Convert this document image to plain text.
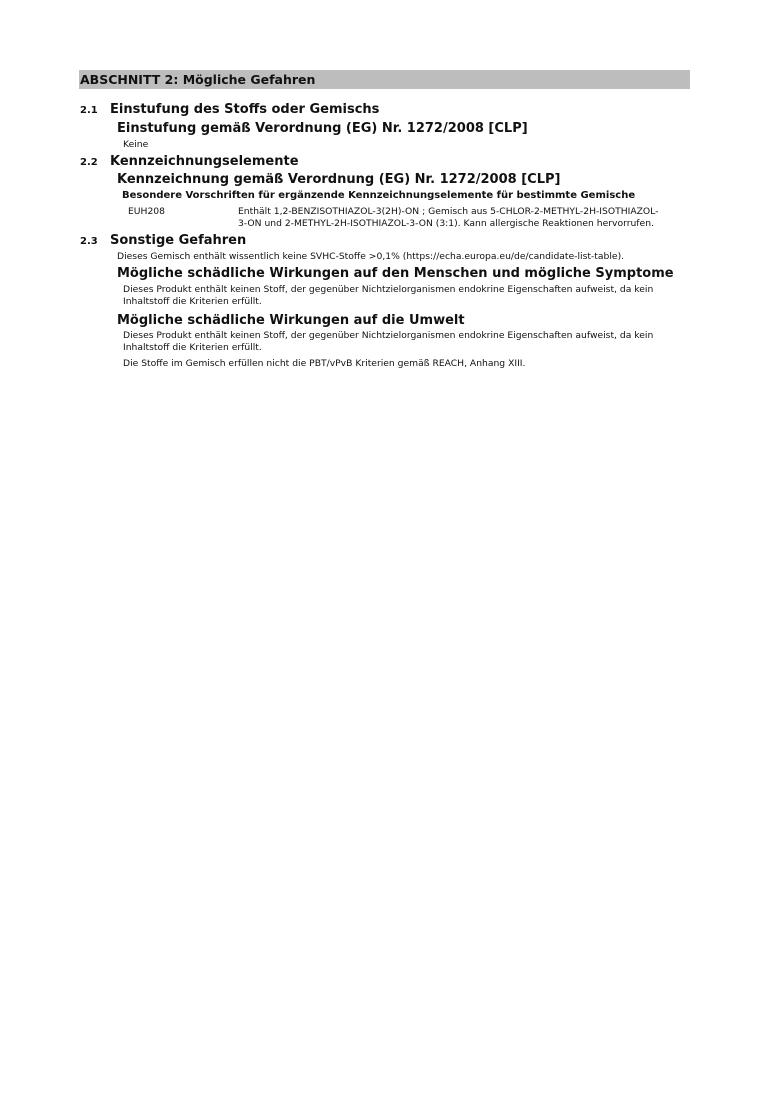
ABSCHNITT 2: Mögliche Gefahren
2.1 Einstufung des Stoffs oder Gemischs
Einstufung gemäß Verordnung (EG) Nr. 1272/2008 [CLP]
Keine
2.2 Kennzeichnungselemente
Kennzeichnung gemäß Verordnung (EG) Nr. 1272/2008 [CLP]
Besondere Vorschriften für ergänzende Kennzeichnungselemente für bestimmte Gemische
EUH208	Enthält 1,2-BENZISOTHIAZOL-3(2H)-ON ; Gemisch aus 5-CHLOR-2-METHYL-2H-ISOTHIAZOL-
3-ON und 2-METHYL-2H-ISOTHIAZOL-3-ON (3:1). Kann allergische Reaktionen hervorrufen.
2.3 Sonstige Gefahren
Dieses Gemisch enthält wissentlich keine SVHC-Stoffe >0,1% (https://echa.europa.eu/de/candidate-list-table).
Mögliche schädliche Wirkungen auf den Menschen und mögliche Symptome
Dieses Produkt enthält keinen Stoff, der gegenüber Nichtzielorganismen endokrine Eigenschaften aufweist, da kein
Inhaltstoff die Kriterien erfüllt.
Mögliche schädliche Wirkungen auf die Umwelt
Dieses Produkt enthält keinen Stoff, der gegenüber Nichtzielorganismen endokrine Eigenschaften aufweist, da kein
Inhaltstoff die Kriterien erfüllt.
Die Stoffe im Gemisch erfüllen nicht die PBT/vPvB Kriterien gemäß REACH, Anhang XIII.
